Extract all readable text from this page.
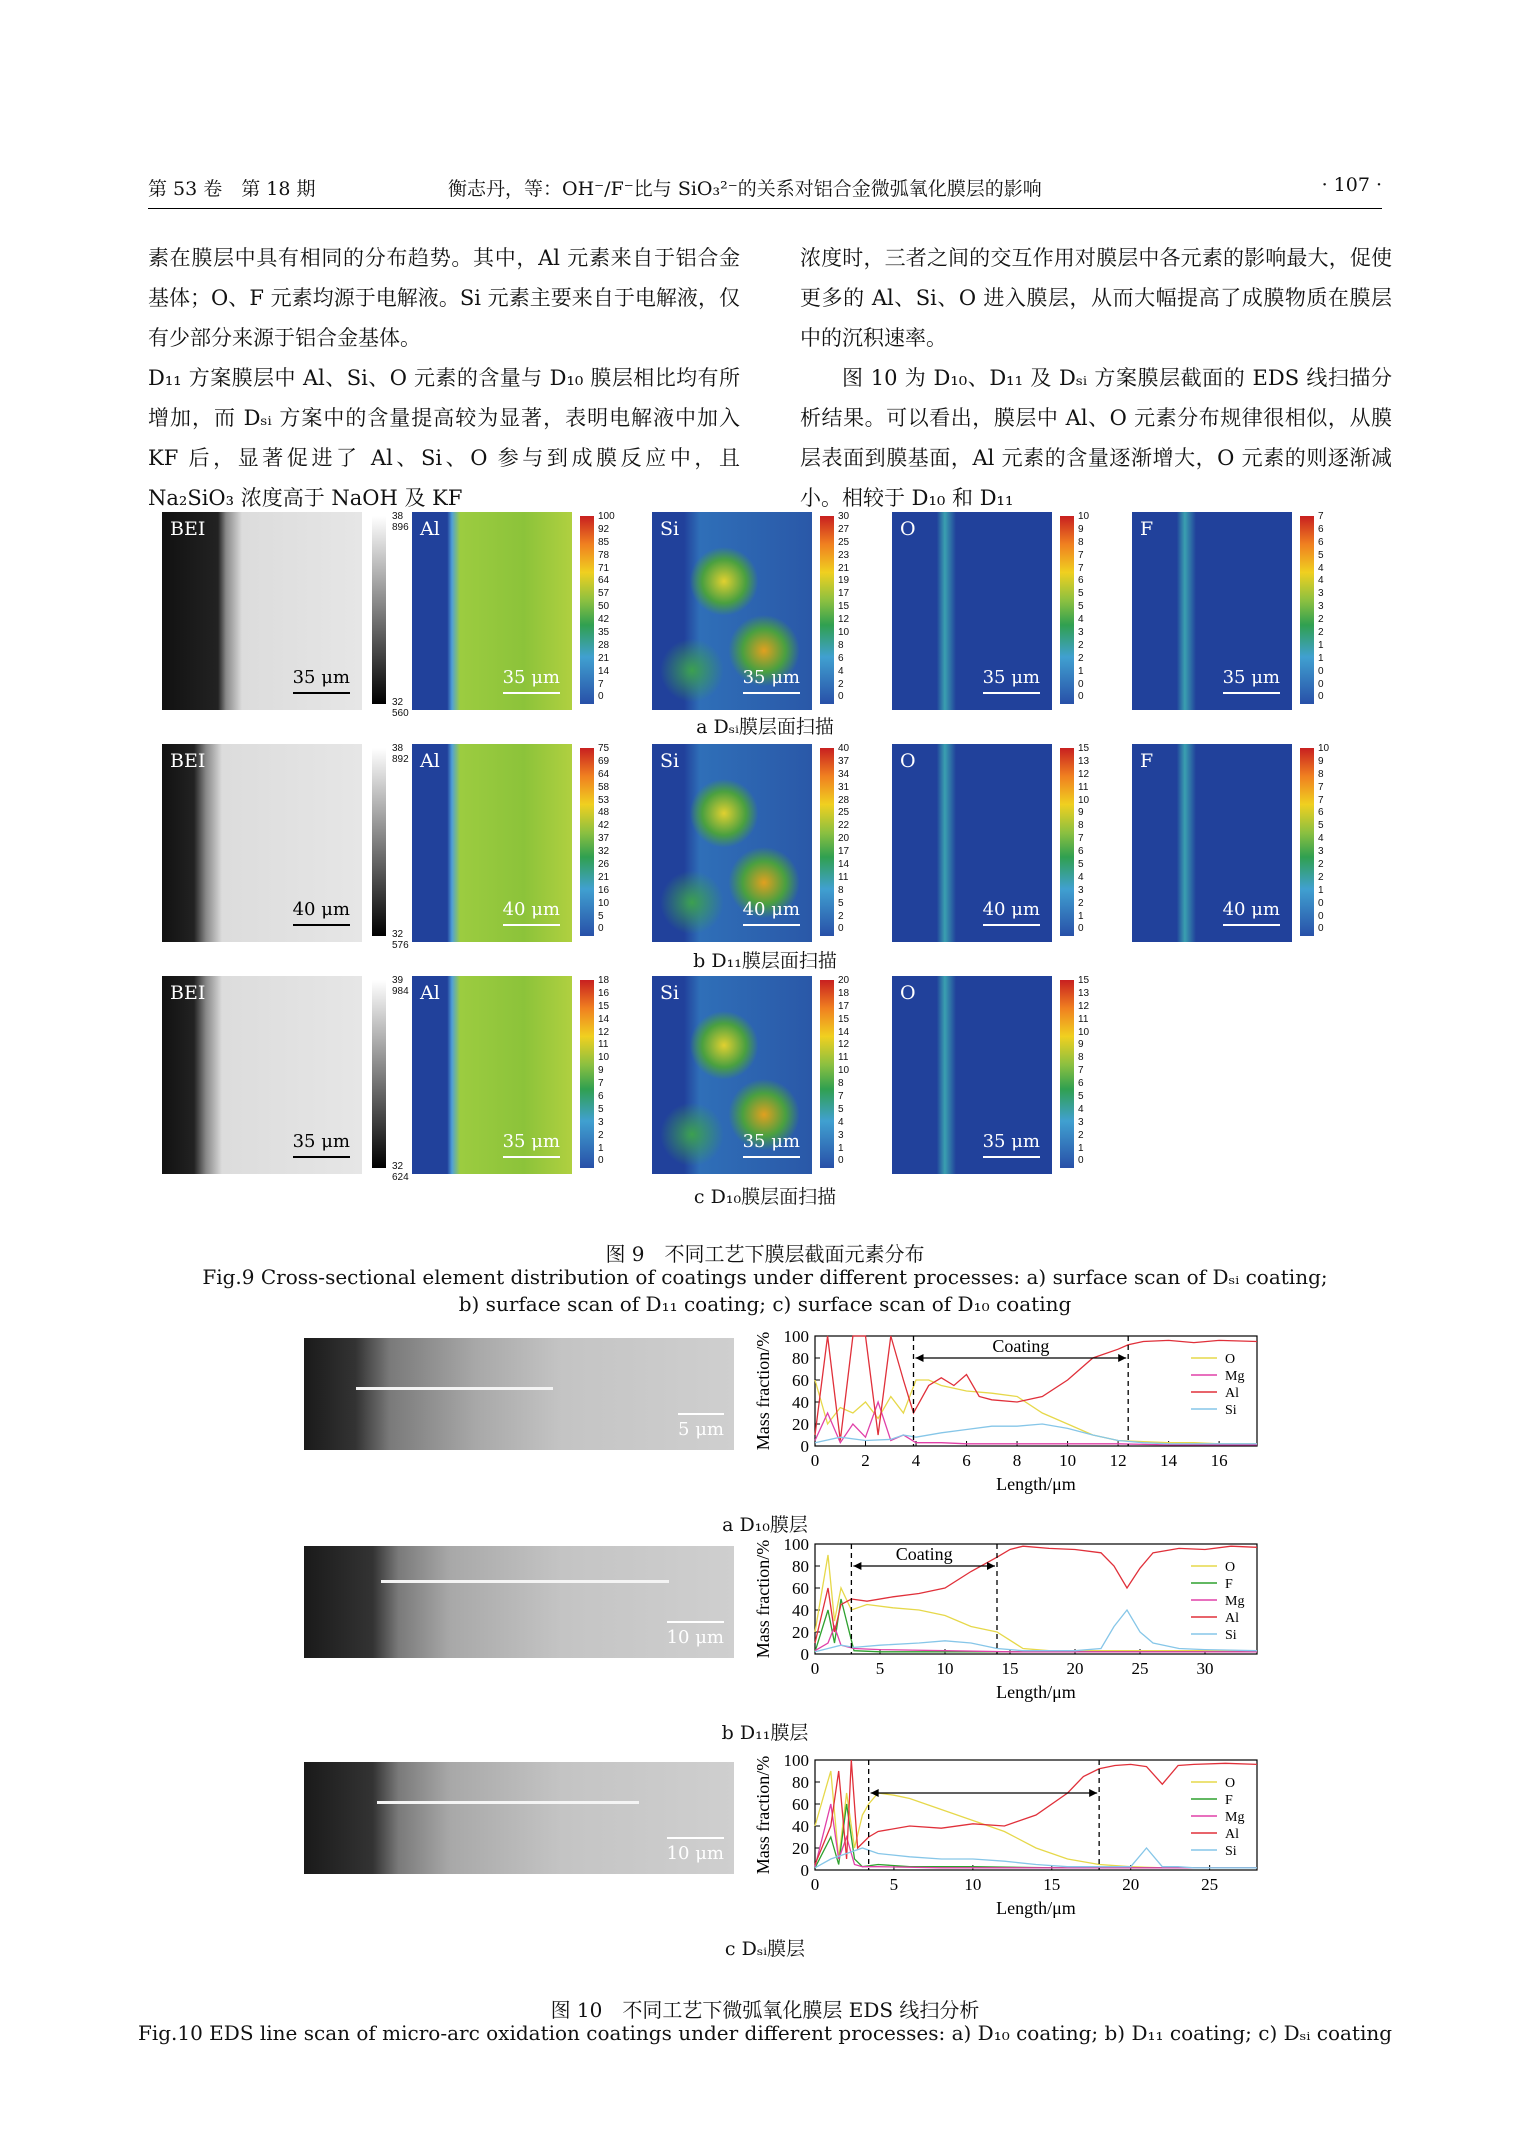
第 53 卷　第 18 期	衡志丹，等：OH⁻/F⁻比与 SiO₃²⁻的关系对铝合金微弧氧化膜层的影响	· 107 ·

素在膜层中具有相同的分布趋势。其中，Al 元素来自于铝合金基体；O、F 元素均源于电解液。Si 元素主要来自于电解液，仅有少部分来源于铝合金基体。

D₁₁ 方案膜层中 Al、Si、O 元素的含量与 D₁₀ 膜层相比均有所增加，而 Dₛᵢ 方案中的含量提高较为显著，表明电解液中加入 KF 后，显著促进了 Al、Si、O 参与到成膜反应中，且 Na₂SiO₃ 浓度高于 NaOH 及 KF

浓度时，三者之间的交互作用对膜层中各元素的影响最大，促使更多的 Al、Si、O 进入膜层，从而大幅提高了成膜物质在膜层中的沉积速率。

图 10 为 D₁₀、D₁₁ 及 Dₛᵢ 方案膜层截面的 EDS 线扫描分析结果。可以看出，膜层中 Al、O 元素分布规律很相似，从膜层表面到膜基面，Al 元素的含量逐渐增大，O 元素的则逐渐减小。相较于 D₁₀ 和 D₁₁

BEI
35 μm
38 896
32 560
Al
35 μm
100
92
85
78
71
64
57
50
42
35
28
21
14
7
0
Si
35 μm
30
27
25
23
21
19
17
15
12
10
8
6
4
2
0
O
35 μm
10
9
8
7
7
6
5
5
4
3
2
2
1
0
0
F
35 μm
7
6
6
5
4
4
3
3
2
2
1
1
0
0
0
a Dₛᵢ膜层面扫描
BEI
40 μm
38 892
32 576
Al
40 μm
75
69
64
58
53
48
42
37
32
26
21
16
10
5
0
Si
40 μm
40
37
34
31
28
25
22
20
17
14
11
8
5
2
0
O
40 μm
15
13
12
11
10
9
8
7
6
5
4
3
2
1
0
F
40 μm
10
9
8
7
7
6
5
4
3
2
2
1
0
0
0
b D₁₁膜层面扫描
BEI
35 μm
39 984
32 624
Al
35 μm
18
16
15
14
12
11
10
9
7
6
5
3
2
1
0
Si
35 μm
20
18
17
15
14
12
11
10
8
7
5
4
3
1
0
O
35 μm
15
13
12
11
10
9
8
7
6
5
4
3
2
1
0
c D₁₀膜层面扫描
图 9　不同工艺下膜层截面元素分布
Fig.9 Cross-sectional element distribution of coatings under different processes: a) surface scan of Dₛᵢ coating;
b) surface scan of D₁₁ coating; c) surface scan of D₁₀ coating
5 μm
0
20
40
60
80
100
0 2 4 6 8 10 12 14 16
Length/μm
Mass fraction/%	Coating
O
Mg
Al
Si
a D₁₀膜层
10 μm
0
20
40
60
80
100
0	5	10	15	20	25	30
Length/μm
Mass fraction/%	Coating
O
F
Mg
Al
Si
b D₁₁膜层
10 μm
0
20
40
60
80
100
0	5	10	15	20	25
Length/μm
Mass fraction/%	O
F
Mg
Al
Si
c Dₛᵢ膜层
图 10　不同工艺下微弧氧化膜层 EDS 线扫分析
Fig.10 EDS line scan of micro-arc oxidation coatings under different processes: a) D₁₀ coating; b) D₁₁ coating; c) Dₛᵢ coating
